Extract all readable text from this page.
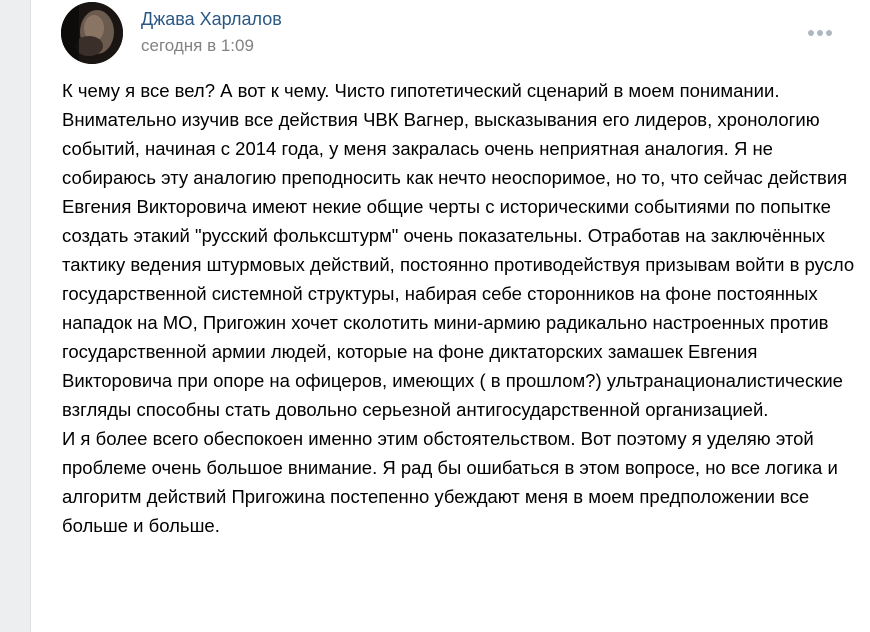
Джава Харлалов
сегодня в 1:09
К чему я все вел? А вот к чему. Чисто гипотетический сценарий в моем понимании.
Внимательно изучив все действия ЧВК Вагнер, высказывания его лидеров, хронологию событий, начиная с 2014 года, у меня закралась очень неприятная аналогия. Я не собираюсь эту аналогию преподносить как нечто неоспоримое, но то, что сейчас действия Евгения Викторовича имеют некие общие черты с историческими событиями по попытке создать этакий "русский фольксштурм" очень показательны. Отработав на заключённых тактику ведения штурмовых действий, постоянно противодействуя призывам войти в русло государственной системной структуры, набирая себе сторонников на фоне постоянных нападок на МО, Пригожин хочет сколотить мини-армию радикально настроенных против государственной армии людей, которые на фоне диктаторских замашек Евгения Викторовича при опоре на офицеров, имеющих ( в прошлом?) ультранационалистические взгляды способны стать довольно серьезной антигосударственной организацией.
И я более всего обеспокоен именно этим обстоятельством. Вот поэтому я уделяю этой проблеме очень большое внимание. Я рад бы ошибаться в этом вопросе, но все логика и алгоритм действий Пригожина постепенно убеждают меня в моем предположении все больше и больше.
